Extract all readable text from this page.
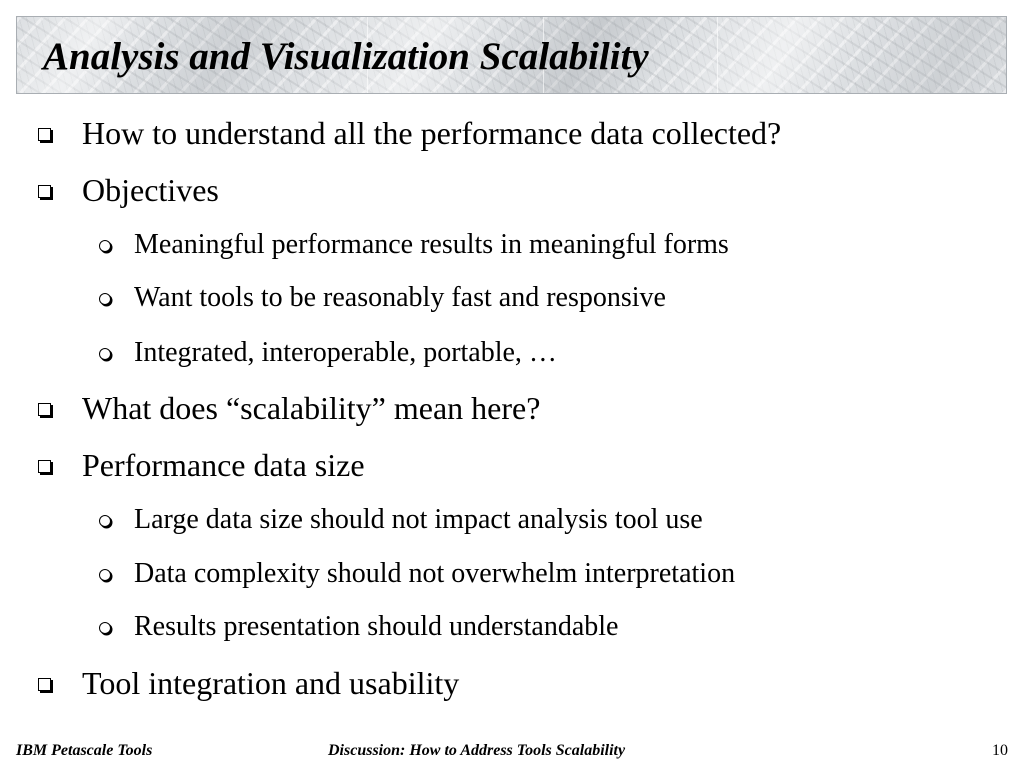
Analysis and Visualization Scalability
How to understand all the performance data collected?
Objectives
Meaningful performance results in meaningful forms
Want tools to be reasonably fast and responsive
Integrated, interoperable, portable, …
What does “scalability” mean here?
Performance data size
Large data size should not impact analysis tool use
Data complexity should not overwhelm interpretation
Results presentation should understandable
Tool integration and usability
IBM Petascale Tools	Discussion: How to Address Tools Scalability	10
